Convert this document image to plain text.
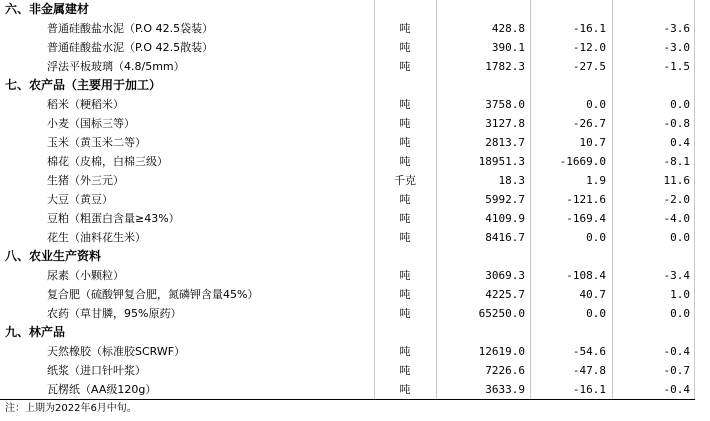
六、非金属建材
普通硅酸盐水泥（P.O 42.5袋装）	吨	428.8	-16.1	-3.6
普通硅酸盐水泥（P.O 42.5散装）	吨	390.1	-12.0	-3.0
浮法平板玻璃（4.8/5mm）	吨	1782.3	-27.5	-1.5
七、农产品（主要用于加工）
稻米（粳稻米）	吨	3758.0	0.0	0.0
小麦（国标三等）	吨	3127.8	-26.7	-0.8
玉米（黄玉米二等）	吨	2813.7	10.7	0.4
棉花（皮棉，白棉三级）	吨	18951.3	-1669.0	-8.1
生猪（外三元）	千克	18.3	1.9	11.6
大豆（黄豆）	吨	5992.7	-121.6	-2.0
豆粕（粗蛋白含量≥43%）	吨	4109.9	-169.4	-4.0
花生（油料花生米）	吨	8416.7	0.0	0.0
八、农业生产资料
尿素（小颗粒）	吨	3069.3	-108.4	-3.4
复合肥（硫酸钾复合肥，氮磷钾含量45%）	吨	4225.7	40.7	1.0
农药（草甘膦，95%原药）	吨	65250.0	0.0	0.0
九、林产品
天然橡胶（标准胶SCRWF）	吨	12619.0	-54.6	-0.4
纸浆（进口针叶浆）	吨	7226.6	-47.8	-0.7
瓦楞纸（AA级120g）	吨	3633.9	-16.1	-0.4
注：上期为2022年6月中旬。
